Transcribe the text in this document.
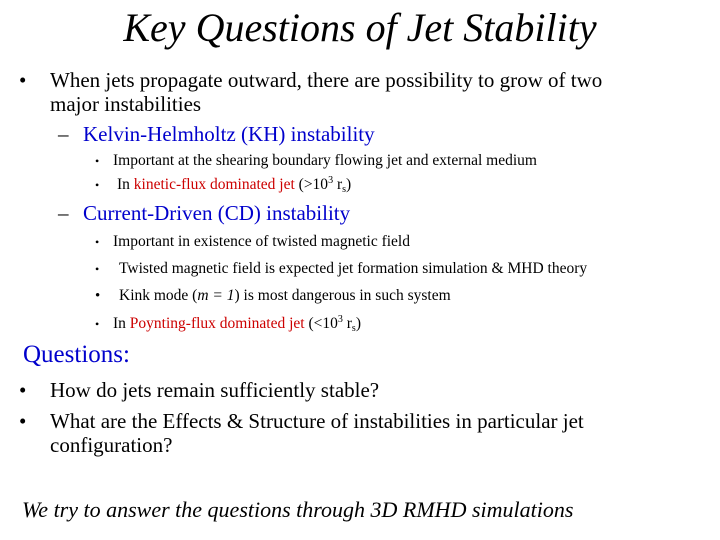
Key Questions of Jet Stability
• When jets propagate outward, there are possibility to grow of two
major instabilities
– Kelvin-Helmholtz (KH) instability
• Important at the shearing boundary flowing jet and external medium
• In kinetic-flux dominated jet ($>10^3$ $r_s$)
– Current-Driven (CD) instability
• Important in existence of twisted magnetic field
• Twisted magnetic field is expected jet formation simulation & MHD theory
• Kink mode (m = 1) is most dangerous in such system
• In Poynting-flux dominated jet ($<10^3$ $r_s$)
Questions:
• How do jets remain sufficiently stable?
• What are the Effects & Structure of instabilities in particular jet
configuration?
We try to answer the questions through 3D RMHD simulations
